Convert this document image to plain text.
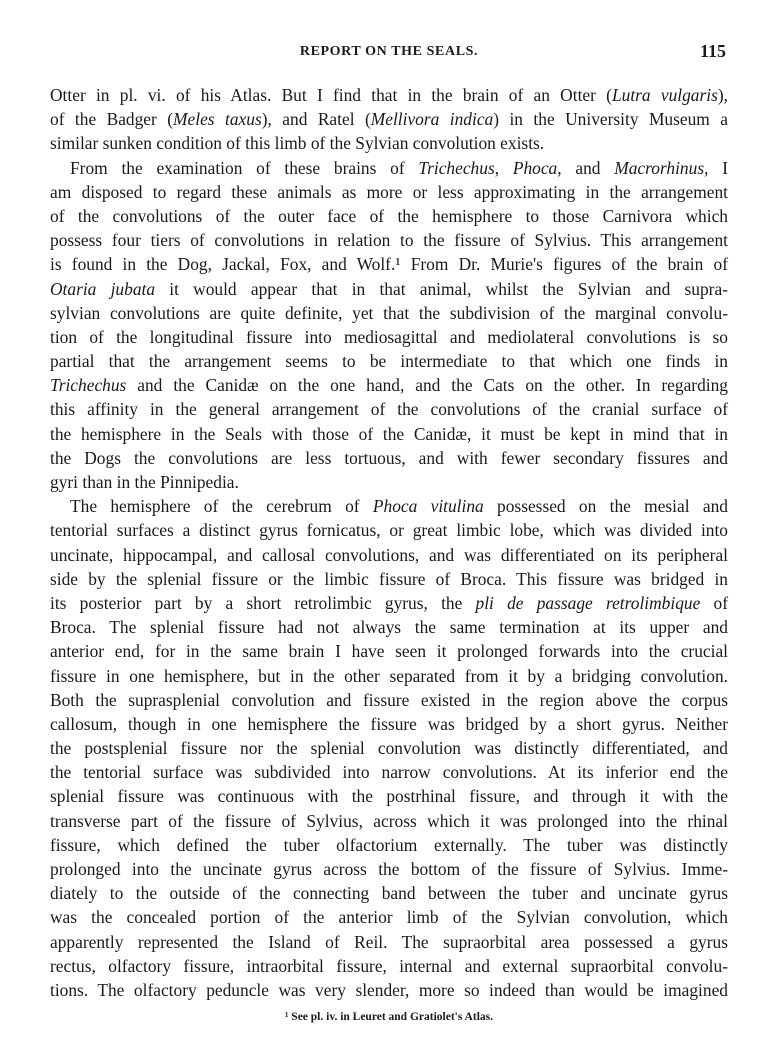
REPORT ON THE SEALS.	115
Otter in pl. vi. of his Atlas. But I find that in the brain of an Otter (Lutra vulgaris),
of the Badger (Meles taxus), and Ratel (Mellivora indica) in the University Museum a
similar sunken condition of this limb of the Sylvian convolution exists.
From the examination of these brains of Trichechus, Phoca, and Macrorhinus, I
am disposed to regard these animals as more or less approximating in the arrangement
of the convolutions of the outer face of the hemisphere to those Carnivora which
possess four tiers of convolutions in relation to the fissure of Sylvius. This arrangement
is found in the Dog, Jackal, Fox, and Wolf.¹ From Dr. Murie's figures of the brain of
Otaria jubata it would appear that in that animal, whilst the Sylvian and supra-
sylvian convolutions are quite definite, yet that the subdivision of the marginal convolu-
tion of the longitudinal fissure into mediosagittal and mediolateral convolutions is so
partial that the arrangement seems to be intermediate to that which one finds in
Trichechus and the Canidæ on the one hand, and the Cats on the other. In regarding
this affinity in the general arrangement of the convolutions of the cranial surface of
the hemisphere in the Seals with those of the Canidæ, it must be kept in mind that in
the Dogs the convolutions are less tortuous, and with fewer secondary fissures and
gyri than in the Pinnipedia.
The hemisphere of the cerebrum of Phoca vitulina possessed on the mesial and
tentorial surfaces a distinct gyrus fornicatus, or great limbic lobe, which was divided into
uncinate, hippocampal, and callosal convolutions, and was differentiated on its peripheral
side by the splenial fissure or the limbic fissure of Broca. This fissure was bridged in
its posterior part by a short retrolimbic gyrus, the pli de passage retrolimbique of
Broca. The splenial fissure had not always the same termination at its upper and
anterior end, for in the same brain I have seen it prolonged forwards into the crucial
fissure in one hemisphere, but in the other separated from it by a bridging convolution.
Both the suprasplenial convolution and fissure existed in the region above the corpus
callosum, though in one hemisphere the fissure was bridged by a short gyrus. Neither
the postsplenial fissure nor the splenial convolution was distinctly differentiated, and
the tentorial surface was subdivided into narrow convolutions. At its inferior end the
splenial fissure was continuous with the postrhinal fissure, and through it with the
transverse part of the fissure of Sylvius, across which it was prolonged into the rhinal
fissure, which defined the tuber olfactorium externally. The tuber was distinctly
prolonged into the uncinate gyrus across the bottom of the fissure of Sylvius. Imme-
diately to the outside of the connecting band between the tuber and uncinate gyrus
was the concealed portion of the anterior limb of the Sylvian convolution, which
apparently represented the Island of Reil. The supraorbital area possessed a gyrus
rectus, olfactory fissure, intraorbital fissure, internal and external supraorbital convolu-
tions. The olfactory peduncle was very slender, more so indeed than would be imagined
¹ See pl. iv. in Leuret and Gratiolet's Atlas.
